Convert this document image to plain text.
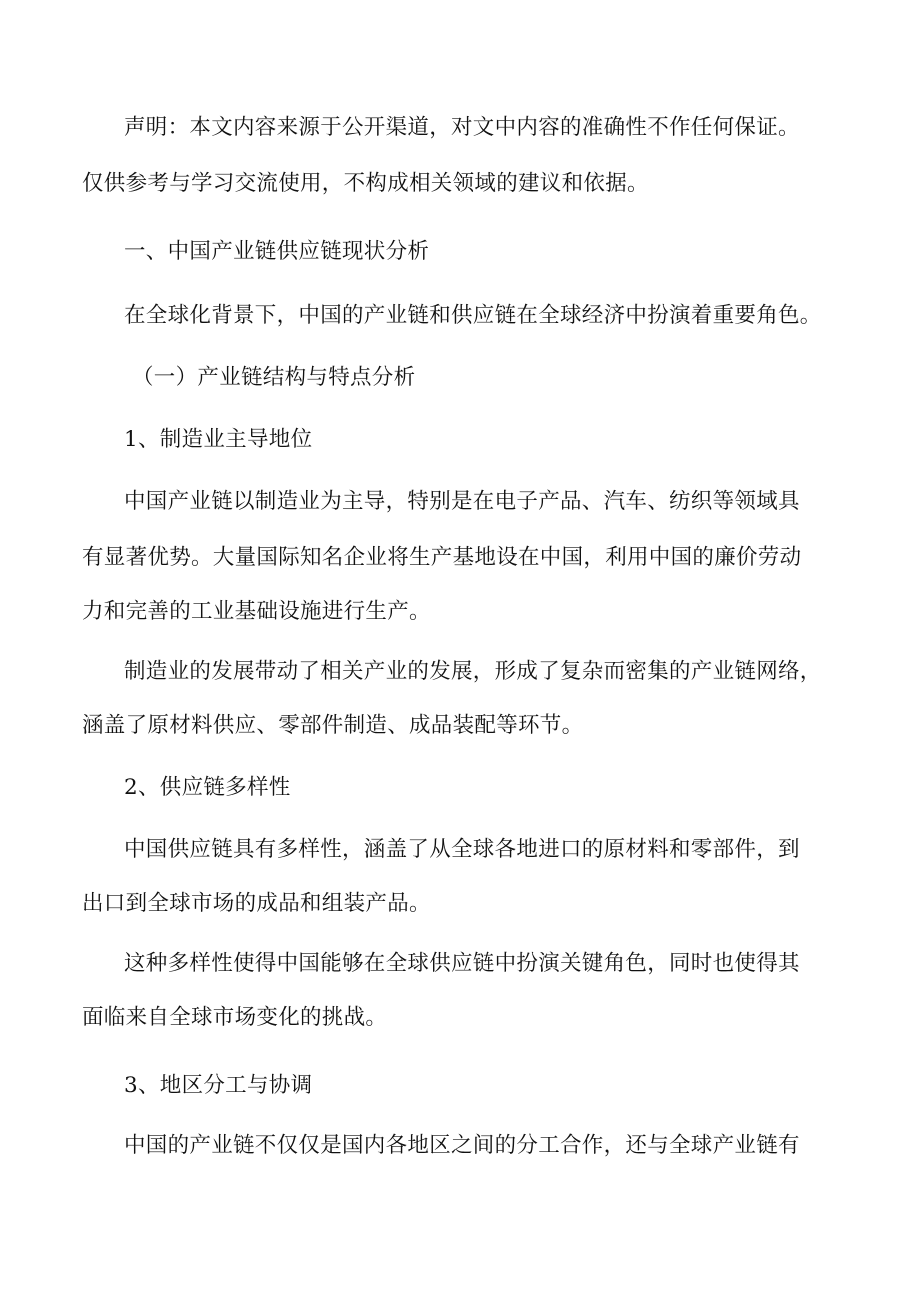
声明：本文内容来源于公开渠道，对文中内容的准确性不作任何保证。
仅供参考与学习交流使用，不构成相关领域的建议和依据。
一、中国产业链供应链现状分析
在全球化背景下，中国的产业链和供应链在全球经济中扮演着重要角色。
（一）产业链结构与特点分析
1、制造业主导地位
中国产业链以制造业为主导，特别是在电子产品、汽车、纺织等领域具
有显著优势。大量国际知名企业将生产基地设在中国，利用中国的廉价劳动
力和完善的工业基础设施进行生产。
制造业的发展带动了相关产业的发展，形成了复杂而密集的产业链网络，
涵盖了原材料供应、零部件制造、成品装配等环节。
2、供应链多样性
中国供应链具有多样性，涵盖了从全球各地进口的原材料和零部件，到
出口到全球市场的成品和组装产品。
这种多样性使得中国能够在全球供应链中扮演关键角色，同时也使得其
面临来自全球市场变化的挑战。
3、地区分工与协调
中国的产业链不仅仅是国内各地区之间的分工合作，还与全球产业链有
